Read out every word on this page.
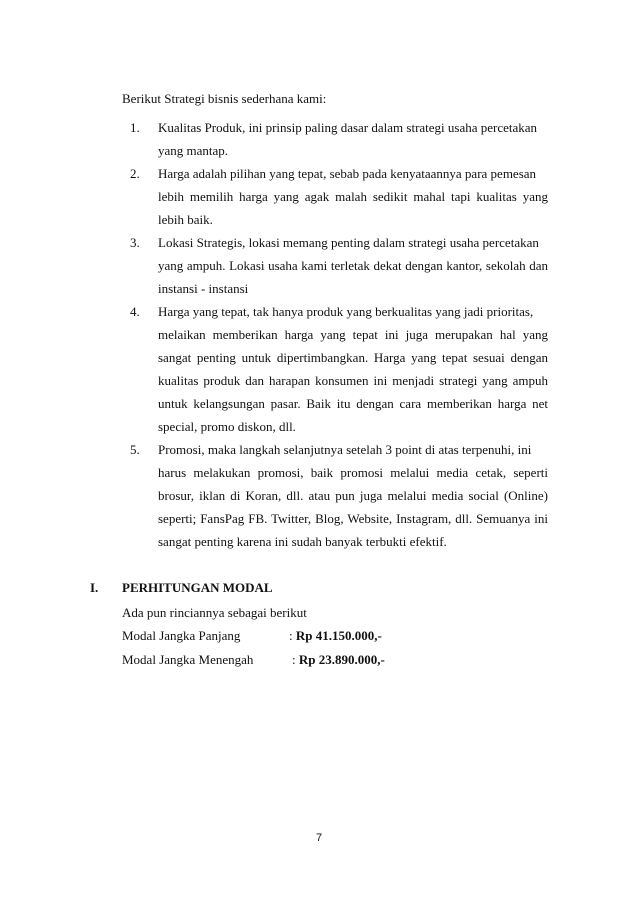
Berikut Strategi bisnis sederhana kami:
1. Kualitas Produk, ini prinsip paling dasar dalam strategi usaha percetakan
yang mantap.
2. Harga adalah pilihan yang tepat, sebab pada kenyataannya para pemesan
lebih memilih harga yang agak malah sedikit mahal tapi kualitas yang
lebih baik.
3. Lokasi Strategis, lokasi memang penting dalam strategi usaha percetakan
yang ampuh. Lokasi usaha kami terletak dekat dengan kantor, sekolah dan
instansi - instansi
4. Harga yang tepat, tak hanya produk yang berkualitas yang jadi prioritas,
melaikan memberikan harga yang tepat ini juga merupakan hal yang
sangat penting untuk dipertimbangkan. Harga yang tepat sesuai dengan
kualitas produk dan harapan konsumen ini menjadi strategi yang ampuh
untuk kelangsungan pasar. Baik itu dengan cara memberikan harga net
special, promo diskon, dll.
5. Promosi, maka langkah selanjutnya setelah 3 point di atas terpenuhi, ini
harus melakukan promosi, baik promosi melalui media cetak, seperti
brosur, iklan di Koran, dll. atau pun juga melalui media social (Online)
seperti; FansPag FB. Twitter, Blog, Website, Instagram, dll. Semuanya ini
sangat penting karena ini sudah banyak terbukti efektif.
I. PERHITUNGAN MODAL
Ada pun rinciannya sebagai berikut
Modal Jangka Panjang	: Rp 41.150.000,-
Modal Jangka Menengah	: Rp 23.890.000,-
7
